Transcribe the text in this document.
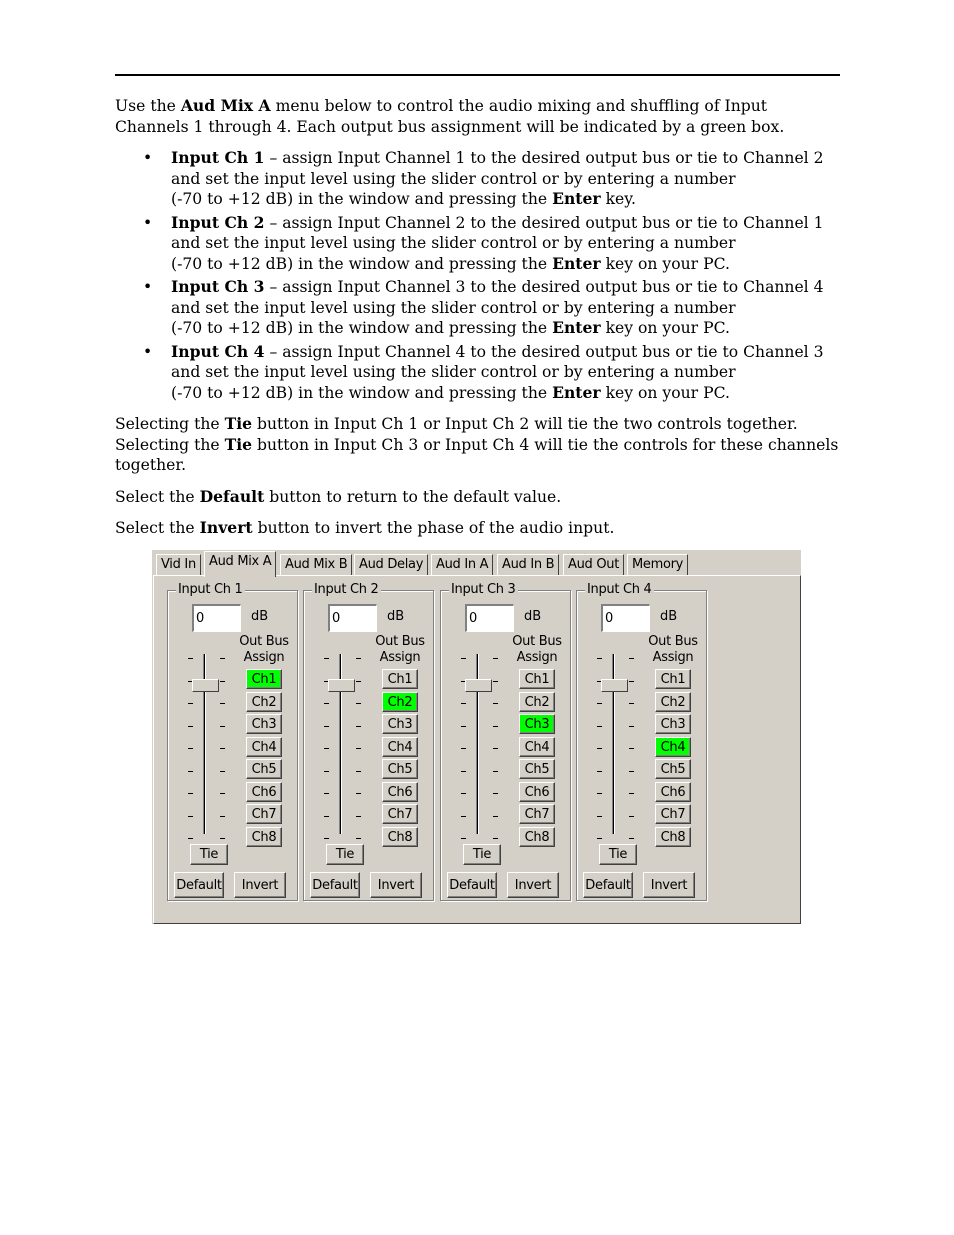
Use the Aud Mix A menu below to control the audio mixing and shuffling of Input Channels 1 through 4. Each output bus assignment will be indicated by a green box.

• Input Ch 1 – assign Input Channel 1 to the desired output bus or tie to Channel 2 and set the input level using the slider control or by entering a number
(-70 to +12 dB) in the window and pressing the Enter key.
• Input Ch 2 – assign Input Channel 2 to the desired output bus or tie to Channel 1 and set the input level using the slider control or by entering a number
(-70 to +12 dB) in the window and pressing the Enter key on your PC.
• Input Ch 3 – assign Input Channel 3 to the desired output bus or tie to Channel 4 and set the input level using the slider control or by entering a number
(-70 to +12 dB) in the window and pressing the Enter key on your PC.
• Input Ch 4 – assign Input Channel 4 to the desired output bus or tie to Channel 3 and set the input level using the slider control or by entering a number
(-70 to +12 dB) in the window and pressing the Enter key on your PC.

Selecting the Tie button in Input Ch 1 or Input Ch 2 will tie the two controls together. Selecting the Tie button in Input Ch 3 or Input Ch 4 will tie the controls for these channels together.

Select the Default button to return to the default value.

Select the Invert button to invert the phase of the audio input.

Vid In	Aud Mix A	Aud Mix B Aud Delay Aud In A	Aud In B	Aud Out	Memory
Input Ch 1
0
dB
Out Bus
Assign
Ch1
Ch2
Ch3
Ch4
Ch5
Ch6
Ch7
Ch8
Tie
Default	Invert
Input Ch 2
0
dB
Out Bus
Assign
Ch1
Ch2
Ch3
Ch4
Ch5
Ch6
Ch7
Ch8
Tie
Default	Invert
Input Ch 3
0
dB
Out Bus
Assign
Ch1
Ch2
Ch3
Ch4
Ch5
Ch6
Ch7
Ch8
Tie
Default	Invert
Input Ch 4
0
dB
Out Bus
Assign
Ch1
Ch2
Ch3
Ch4
Ch5
Ch6
Ch7
Ch8
Tie
Default	Invert
